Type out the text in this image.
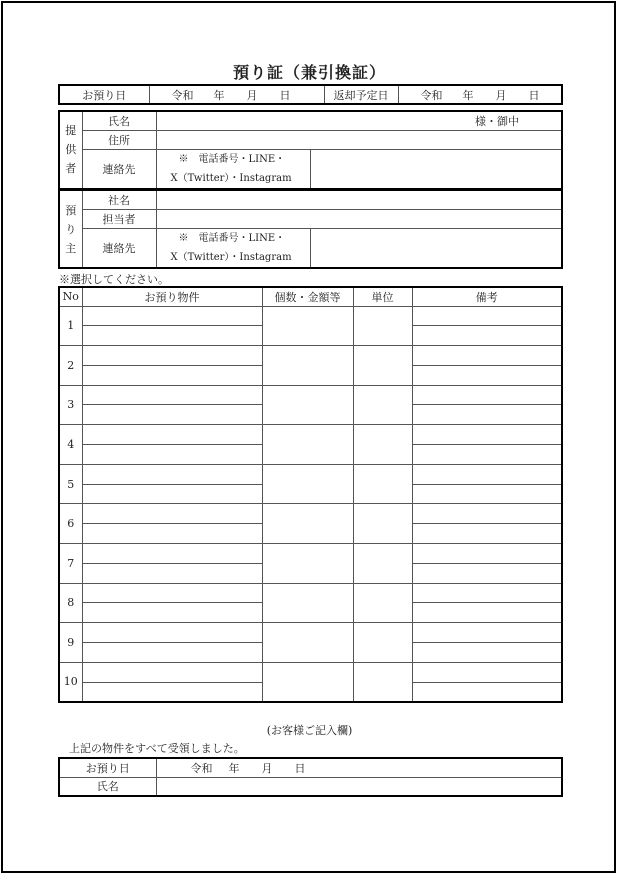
預り証（兼引換証）
お預り日	令和 年 月 日	返却予定日	令和 年 月 日
提供者	氏名	様・御中	
	住所		
	連絡先	※　電話番号・LINE・
X（Twitter）・Instagram	

預り主	社名		
	担当者		
	連絡先	※　電話番号・LINE・
X（Twitter）・Instagram	

※選択してください。
No	お預り物件	個数・金額等	単位	備考
1				

2				

3				

4				

5				

6				

7				

8				

9				

10				

(お客様ご記入欄)
上記の物件をすべて受領しました。
お預り日	令和 年 月 日
氏名	
